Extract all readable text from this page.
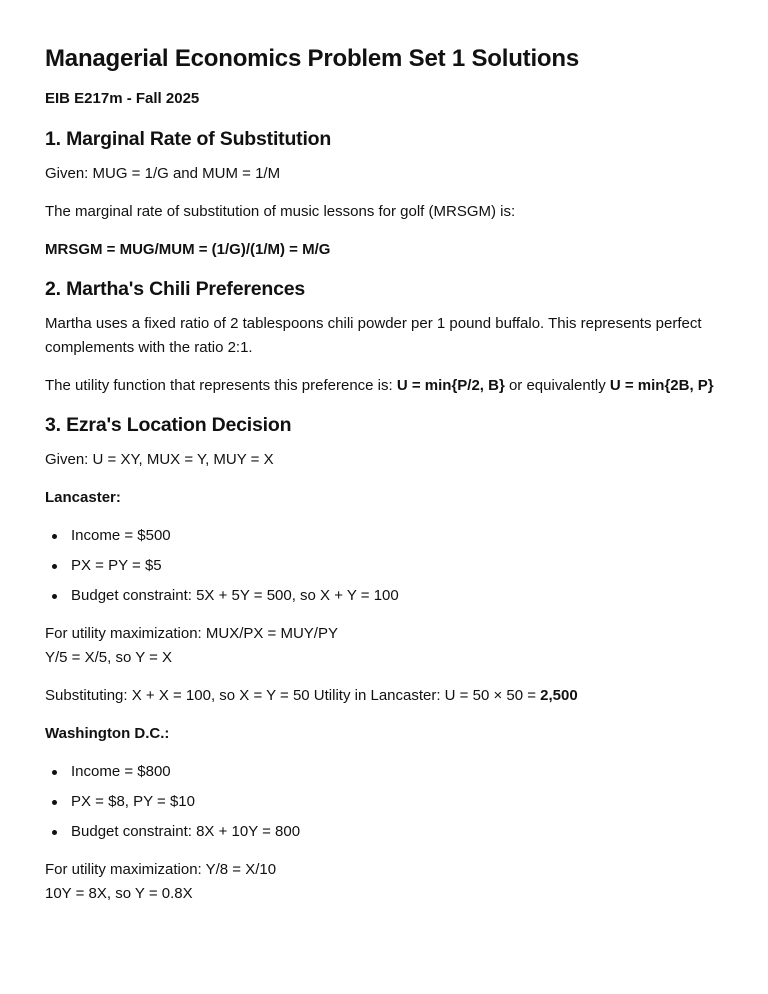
Managerial Economics Problem Set 1 Solutions
EIB E217m - Fall 2025
1. Marginal Rate of Substitution

Given: MUG = 1/G and MUM = 1/M

The marginal rate of substitution of music lessons for golf (MRSGM) is:

MRSGM = MUG/MUM = (1/G)/(1/M) = M/G

2. Martha's Chili Preferences

Martha uses a fixed ratio of 2 tablespoons chili powder per 1 pound buffalo. This represents perfect complements with the ratio 2:1.

The utility function that represents this preference is: U = min{P/2, B} or equivalently U = min{2B, P}

3. Ezra's Location Decision

Given: U = XY, MUX = Y, MUY = X

Lancaster:

Income = $500
PX = PY = $5
Budget constraint: 5X + 5Y = 500, so X + Y = 100

For utility maximization: MUX/PX = MUY/PY

Y/5 = X/5, so Y = X

Substituting: X + X = 100, so X = Y = 50 Utility in Lancaster: U = 50 × 50 = 2,500

Washington D.C.:

Income = $800
PX = $8, PY = $10
Budget constraint: 8X + 10Y = 800

For utility maximization: Y/8 = X/10

10Y = 8X, so Y = 0.8X
